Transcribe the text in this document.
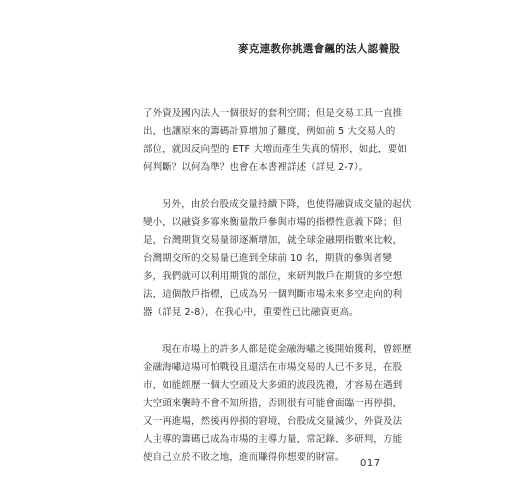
麥克連教你挑選會飆的法人認養股
了外資及國內法人一個很好的套利空間；但是交易工具一直推
出，也讓原來的籌碼計算增加了難度，例如前 5 大交易人的
部位，就因反向型的 ETF 大增而產生失真的情形，如此，要如
何判斷？以何為準？也會在本書裡詳述（詳見 2-7）。
另外，由於台股成交量持續下降，也使得融資成交量的起伏
變小，以融資多寡來衡量散戶參與市場的指標性意義下降；但
是，台灣期貨交易量卻逐漸增加，就全球金融期指數來比較，
台灣期交所的交易量已進到全球前 10 名，期貨的參與者變
多，我們就可以利用期貨的部位，來研判散戶在期貨的多空想
法，這個散戶指標，已成為另一個判斷市場未來多空走向的利
器（詳見 2-8），在我心中，重要性已比融資更高。
現在市場上的許多人都是從金融海嘯之後開始獲利，曾經歷
金融海嘯這場可怕戰役且還活在市場交易的人已不多見，在股
市，如能經歷一個大空頭及大多頭的波段洗禮，才容易在遇到
大空頭來襲時不會不知所措，否則很有可能會面臨一再停損，
又一再進場，然後再停損的窘境，台股成交量減少，外資及法
人主導的籌碼已成為市場的主導力量，常記錄、多研判，方能
使自己立於不敗之地，進而賺得你想要的財富。
017
